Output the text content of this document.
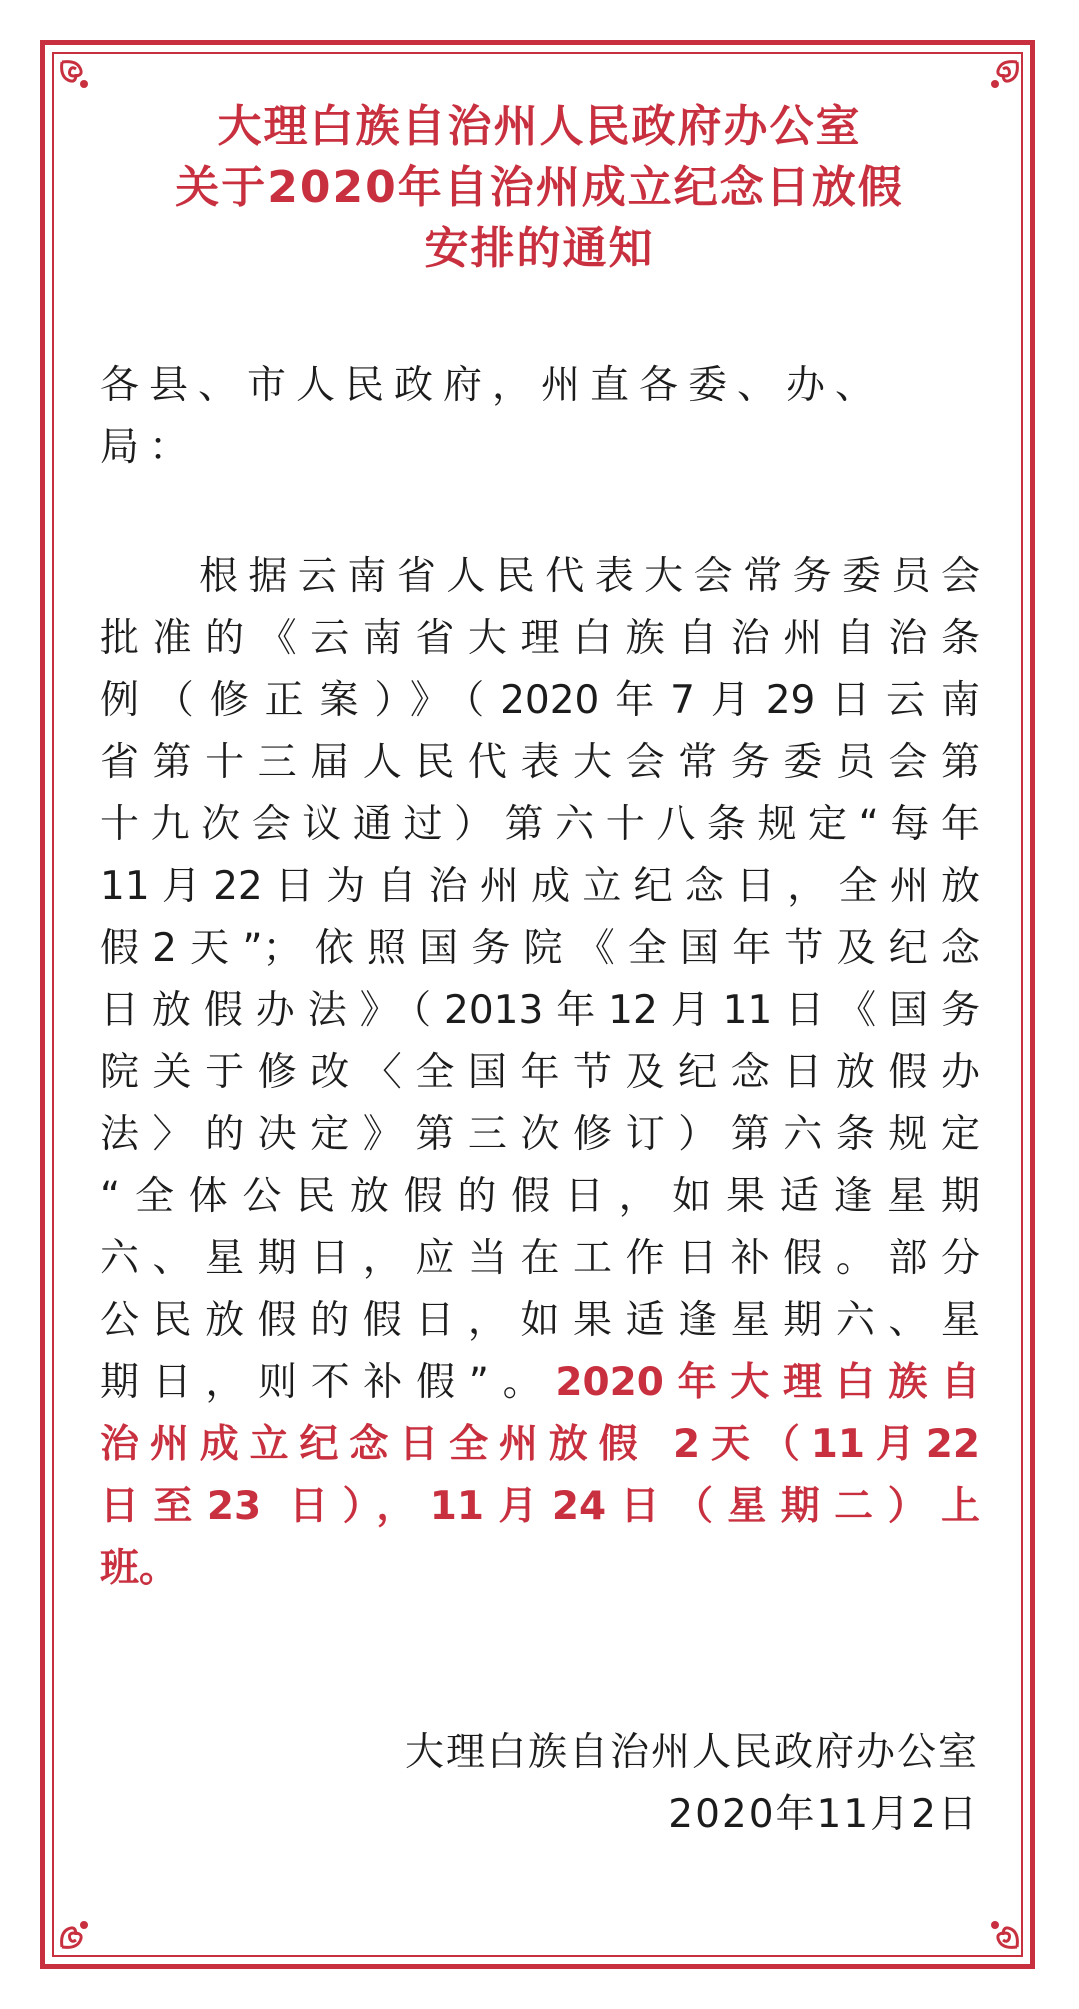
大理白族自治州人民政府办公室
关于2020年自治州成立纪念日放假
安排的通知
各县、市人民政府，州直各委、办、
局：
　　根据云南省人民代表大会常务委员会
批准的《云南省大理白族自治州自治条
例（修正案）》（2020年7月29日云南
省第十三届人民代表大会常务委员会第
十九次会议通过）第六十八条规定“每年
11月22日为自治州成立纪念日，全州放
假2天”；依照国务院《全国年节及纪念
日放假办法》（2013年12月11日《国务
院关于修改〈全国年节及纪念日放假办
法〉的决定》第三次修订）第六条规定
“全体公民放假的假日，如果适逢星期
六、星期日，应当在工作日补假。部分
公民放假的假日，如果适逢星期六、星
期日，则不补假”。2020年大理白族自
治州成立纪念日全州放假 2天（11月22
日至23 日），11月24日（星期二）上
班。
大理白族自治州人民政府办公室
2020年11月2日
